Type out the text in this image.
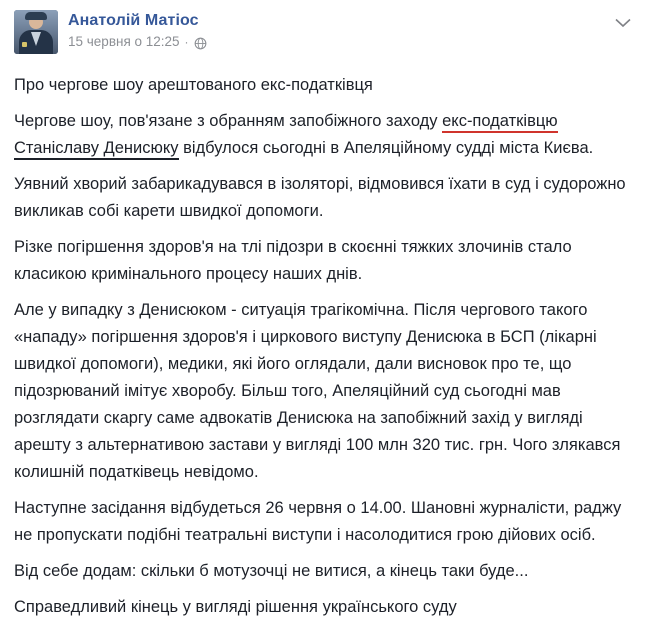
Анатолій Матіос
15 червня о 12:25 ·

Про чергове шоу арештованого екс-податківця

Чергове шоу, пов'язане з обранням запобіжного заходу екс-податківцю Станіславу Денисюку відбулося сьогодні в Апеляційному судді міста Києва.

Уявний хворий забарикадувався в ізоляторі, відмовився їхати в суд і судорожно викликав собі карети швидкої допомоги.

Різке погіршення здоров'я на тлі підозри в скоєнні тяжких злочинів стало класикою кримінального процесу наших днів.

Але у випадку з Денисюком - ситуація трагікомічна. Після чергового такого «нападу» погіршення здоров'я і циркового виступу Денисюка в БСП (лікарні швидкої допомоги), медики, які його оглядали, дали висновок про те, що підозрюваний імітує хворобу. Більш того, Апеляційний суд сьогодні мав розглядати скаргу саме адвокатів Денисюка на запобіжний захід у вигляді арешту з альтернативою застави у вигляді 100 млн 320 тис. грн. Чого злякався колишній податківець невідомо.

Наступне засідання відбудеться 26 червня о 14.00. Шановні журналісти, раджу не пропускати подібні театральні виступи і насолодитися грою дійових осіб.

Від себе додам: скільки б мотузочці не витися, а кінець таки буде...

Справедливий кінець у вигляді рішення українського суду
